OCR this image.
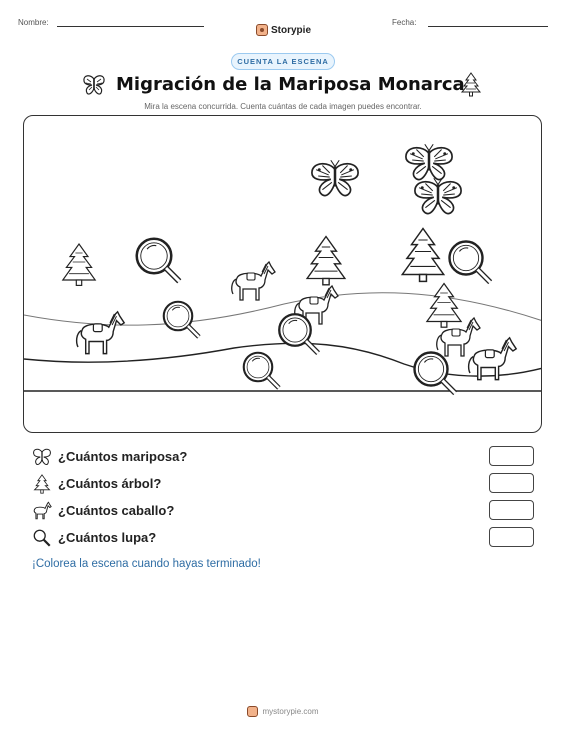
Nombre:
Storypie
Fecha:
CUENTA LA ESCENA
Migración de la Mariposa Monarca
Mira la escena concurrida. Cuenta cuántas de cada imagen puedes encontrar.
¿Cuántos mariposa?
¿Cuántos árbol?
¿Cuántos caballo?
¿Cuántos lupa?
¡Colorea la escena cuando hayas terminado!
mystorypie.com
